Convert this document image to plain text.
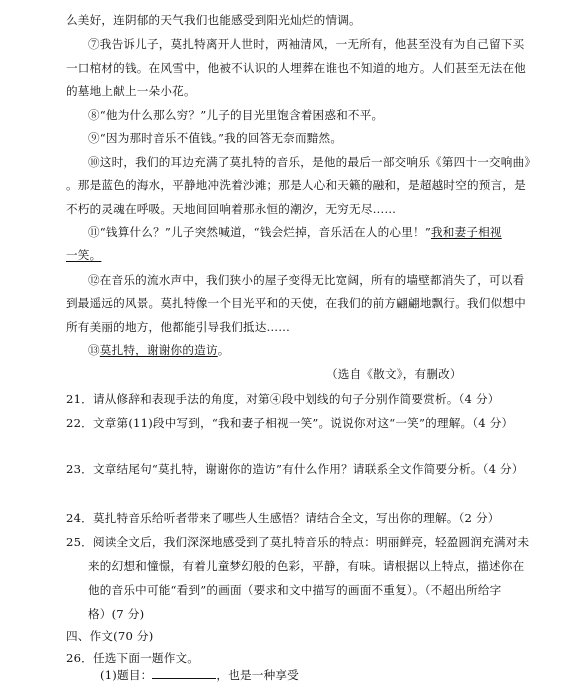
么美好，连阴郁的天气我们也能感受到阳光灿烂的情调。
⑦我告诉儿子，莫扎特离开人世时，两袖清风，一无所有，他甚至没有为自己留下买
一口棺材的钱。在风雪中，他被不认识的人埋葬在谁也不知道的地方。人们甚至无法在他
的墓地上献上一朵小花。
⑧“他为什么那么穷？”儿子的目光里饱含着困惑和不平。
⑨“因为那时音乐不值钱。”我的回答无奈而黯然。
⑩这时，我们的耳边充满了莫扎特的音乐，是他的最后一部交响乐《第四十一交响曲》
。那是蓝色的海水，平静地冲洗着沙滩；那是人心和天籁的融和，是超越时空的预言，是
不朽的灵魂在呼吸。天地间回响着那永恒的潮汐，无穷无尽……
⑪“钱算什么？”儿子突然喊道，“钱会烂掉，音乐活在人的心里！”我和妻子相视
一笑。
⑫在音乐的流水声中，我们狭小的屋子变得无比宽阔，所有的墙壁都消失了，可以看
到最遥远的风景。莫扎特像一个目光平和的天使，在我们的前方翩翩地飘行。我们似想中
所有美丽的地方，他都能引导我们抵达……
⑬莫扎特，谢谢你的造访。
（选自《散文》，有删改）
21．请从修辞和表现手法的角度，对第④段中划线的句子分别作简要赏析。（4 分）
22．文章第(11)段中写到，“我和妻子相视一笑”。说说你对这“一笑”的理解。（4 分）
23．文章结尾句“莫扎特，谢谢你的造访”有什么作用？请联系全文作简要分析。（4 分）
24．莫扎特音乐给听者带来了哪些人生感悟？请结合全文，写出你的理解。（2 分）
25．阅读全文后，我们深深地感受到了莫扎特音乐的特点：明丽鲜亮，轻盈圆润充满对未
来的幻想和憧憬，有着儿童梦幻般的色彩，平静，有味。请根据以上特点，描述你在
他的音乐中可能“看到”的画面（要求和文中描写的画面不重复）。（不超出所给字
格）(7 分)
四、作文(70 分)
26．任选下面一题作文。
(1)题目：	，也是一种享受
